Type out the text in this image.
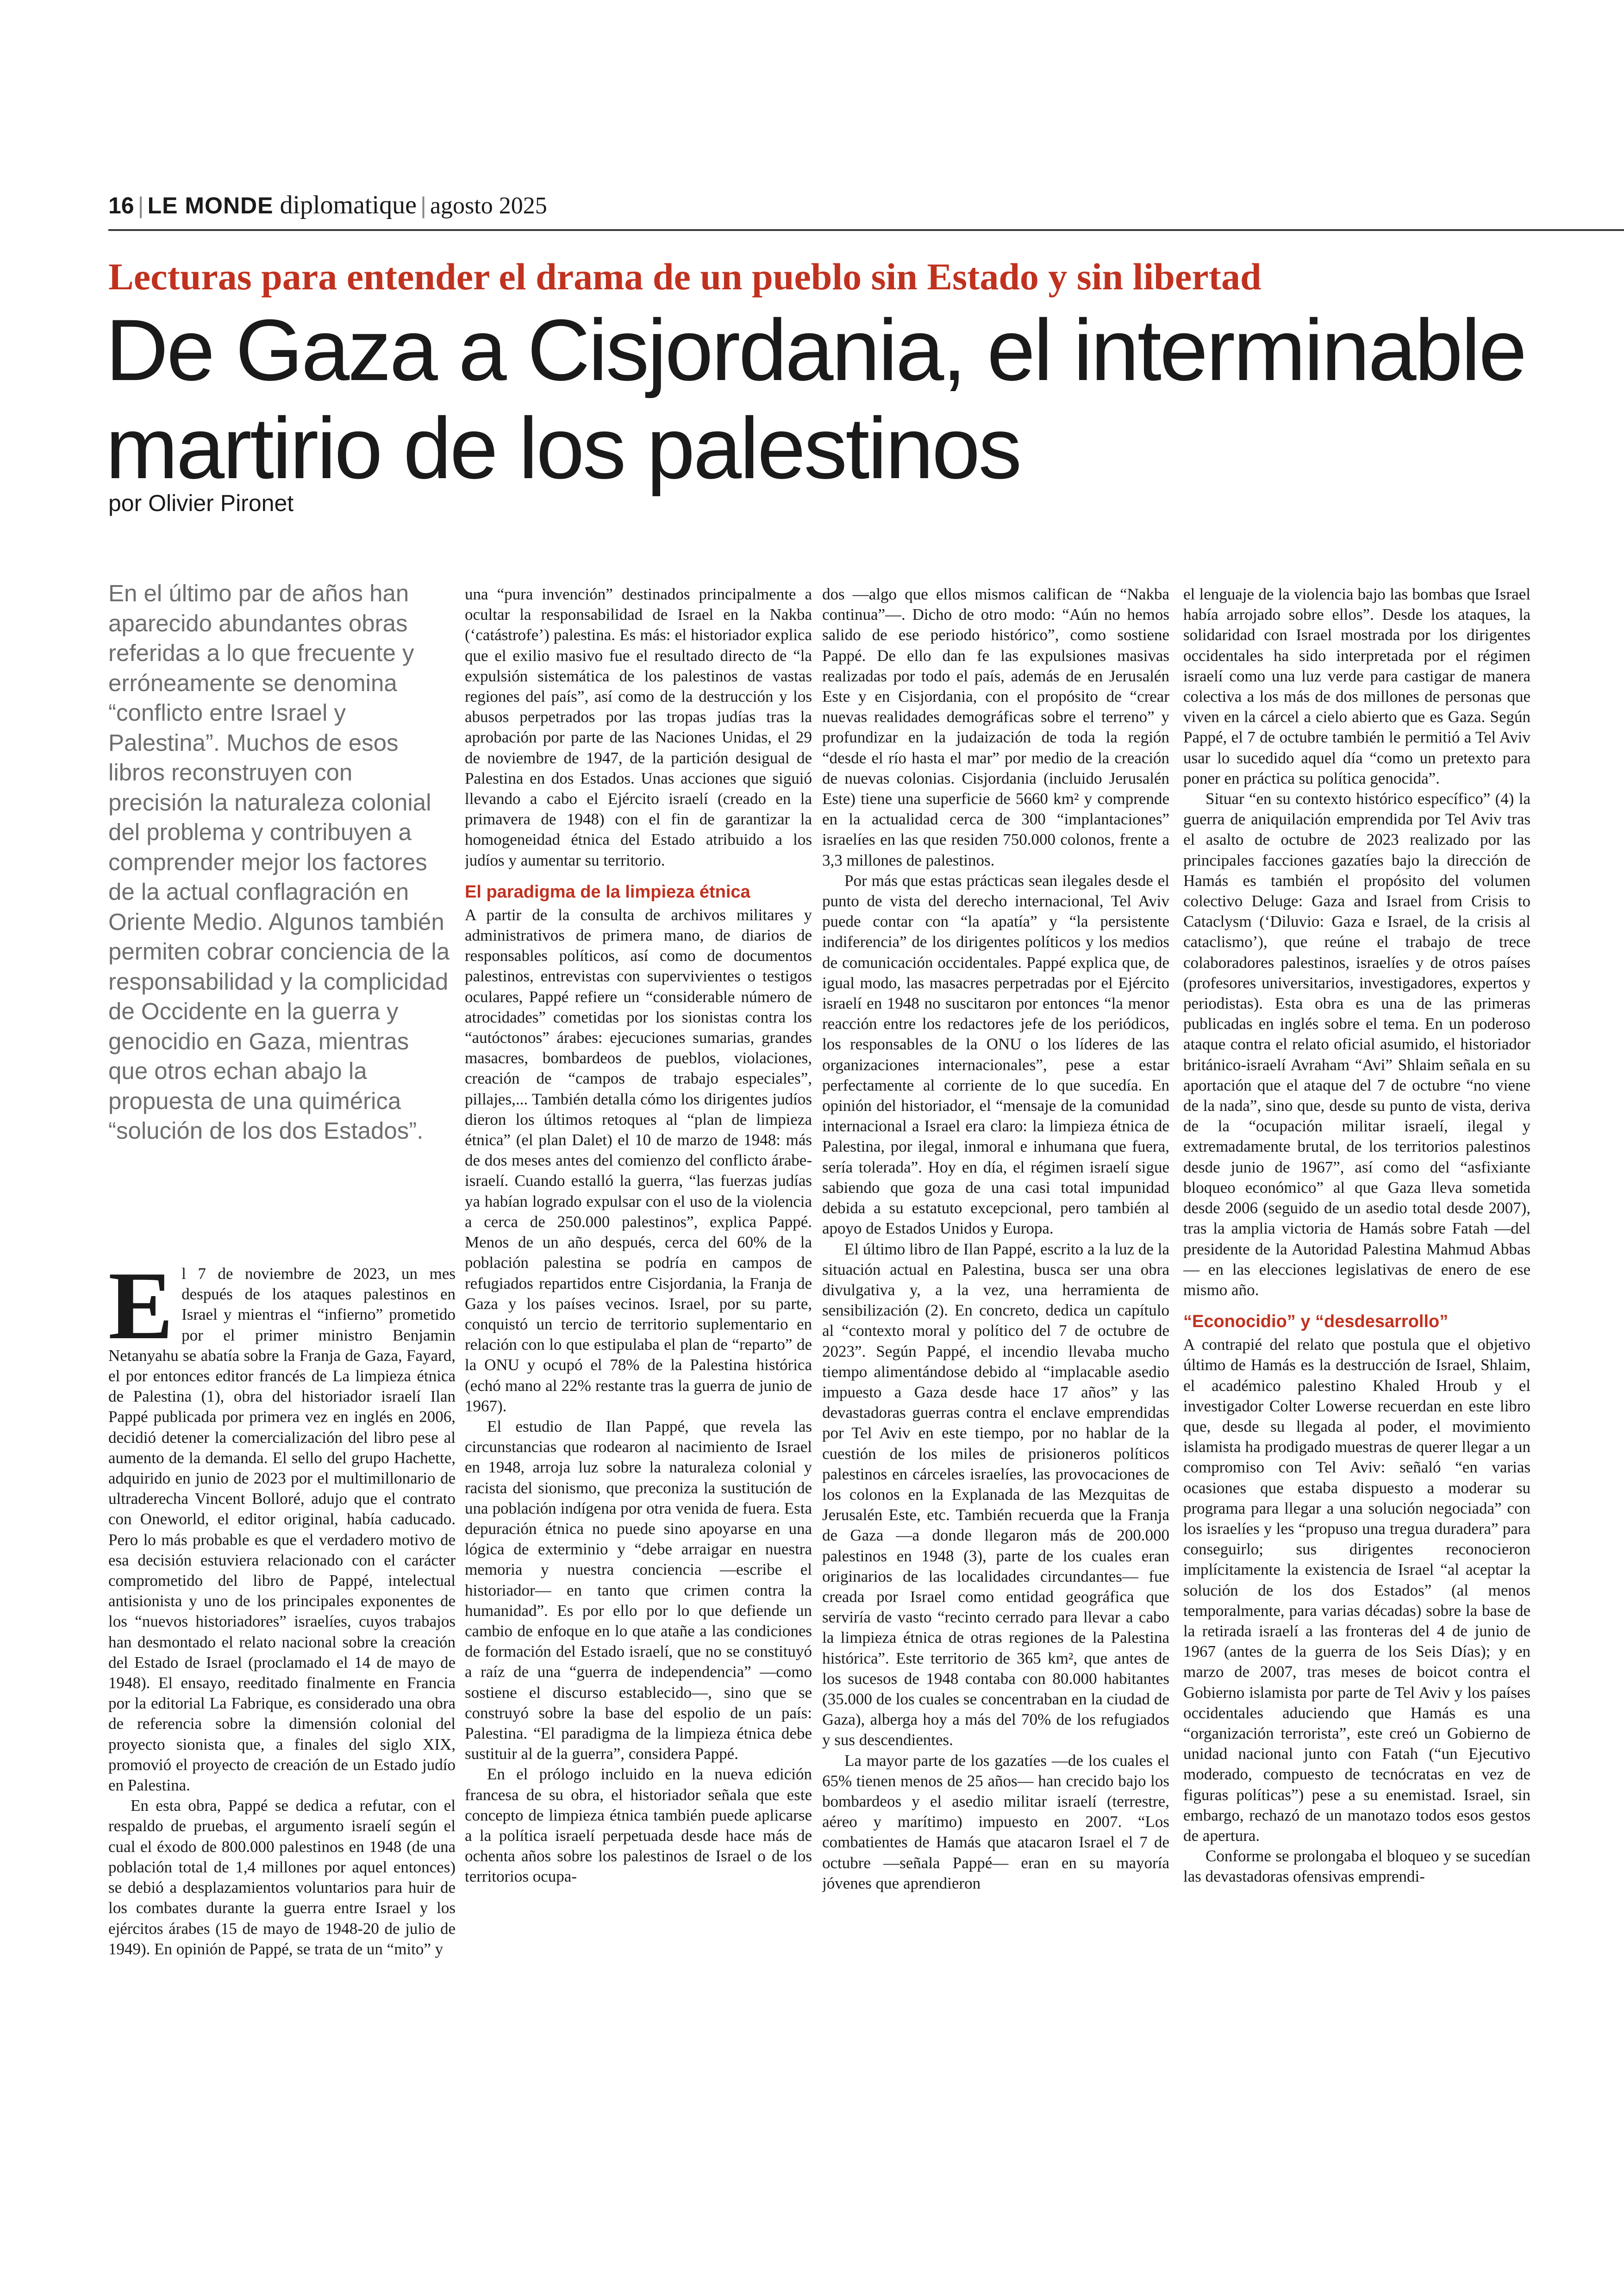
16 | LE MONDE diplomatique | agosto 2025
Lecturas para entender el drama de un pueblo sin Estado y sin libertad
De Gaza a Cisjordania, el interminable
martirio de los palestinos
por Olivier Pironet
En el último par de años han aparecido abundantes obras referidas a lo que frecuente y erróneamente se denomina “conflicto entre Israel y Palestina”. Muchos de esos libros reconstruyen con precisión la naturaleza colonial del problema y contribuyen a comprender mejor los factores de la actual conflagración en Oriente Medio. Algunos también permiten cobrar conciencia de la responsabilidad y la complicidad de Occidente en la guerra y genocidio en Gaza, mientras que otros echan abajo la propuesta de una quimérica “solución de los dos Estados”.
E l 7 de noviembre de 2023, un mes después de los ataques palestinos en Israel y mientras el “infierno” prometido por el primer ministro Benjamin Netanyahu se abatía sobre la Franja de Gaza, Fayard, el por entonces editor francés de La limpieza étnica de Palestina (1), obra del historiador israelí Ilan Pappé publicada por primera vez en inglés en 2006, decidió detener la comercialización del libro pese al aumento de la demanda. El sello del grupo Hachette, adquirido en junio de 2023 por el multimillonario de ultraderecha Vincent Bolloré, adujo que el contrato con Oneworld, el editor original, había caducado. Pero lo más probable es que el verdadero motivo de esa decisión estuviera relacionado con el carácter comprometido del libro de Pappé, intelectual antisionista y uno de los principales exponentes de los “nuevos historiadores” israelíes, cuyos trabajos han desmontado el relato nacional sobre la creación del Estado de Israel (proclamado el 14 de mayo de 1948). El ensayo, reeditado finalmente en Francia por la editorial La Fabrique, es considerado una obra de referencia sobre la dimensión colonial del proyecto sionista que, a finales del siglo XIX, promovió el proyecto de creación de un Estado judío en Palestina.

En esta obra, Pappé se dedica a refutar, con el respaldo de pruebas, el argumento israelí según el cual el éxodo de 800.000 palestinos en 1948 (de una población total de 1,4 millones por aquel entonces) se debió a desplazamientos voluntarios para huir de los combates durante la guerra entre Israel y los ejércitos árabes (15 de mayo de 1948-20 de julio de 1949). En opinión de Pappé, se trata de un “mito” y

una “pura invención” destinados principalmente a ocultar la responsabilidad de Israel en la Nakba (‘catástrofe’) palestina. Es más: el historiador explica que el exilio masivo fue el resultado directo de “la expulsión sistemática de los palestinos de vastas regiones del país”, así como de la destrucción y los abusos perpetrados por las tropas judías tras la aprobación por parte de las Naciones Unidas, el 29 de noviembre de 1947, de la partición desigual de Palestina en dos Estados. Unas acciones que siguió llevando a cabo el Ejército israelí (creado en la primavera de 1948) con el fin de garantizar la homogeneidad étnica del Estado atribuido a los judíos y aumentar su territorio.

El paradigma de la limpieza étnica

A partir de la consulta de archivos militares y administrativos de primera mano, de diarios de responsables políticos, así como de documentos palestinos, entrevistas con supervivientes o testigos oculares, Pappé refiere un “considerable número de atrocidades” cometidas por los sionistas contra los “autóctonos” árabes: ejecuciones sumarias, grandes masacres, bombardeos de pueblos, violaciones, creación de “campos de trabajo especiales”, pillajes,... También detalla cómo los dirigentes judíos dieron los últimos retoques al “plan de limpieza étnica” (el plan Dalet) el 10 de marzo de 1948: más de dos meses antes del comienzo del conflicto árabe-israelí. Cuando estalló la guerra, “las fuerzas judías ya habían logrado expulsar con el uso de la violencia a cerca de 250.000 palestinos”, explica Pappé. Menos de un año después, cerca del 60% de la población palestina se podría en campos de refugiados repartidos entre Cisjordania, la Franja de Gaza y los países vecinos. Israel, por su parte, conquistó un tercio de territorio suplementario en relación con lo que estipulaba el plan de “reparto” de la ONU y ocupó el 78% de la Palestina histórica (echó mano al 22% restante tras la guerra de junio de 1967).

El estudio de Ilan Pappé, que revela las circunstancias que rodearon al nacimiento de Israel en 1948, arroja luz sobre la naturaleza colonial y racista del sionismo, que preconiza la sustitución de una población indígena por otra venida de fuera. Esta depuración étnica no puede sino apoyarse en una lógica de exterminio y “debe arraigar en nuestra memoria y nuestra conciencia —escribe el historiador— en tanto que crimen contra la humanidad”. Es por ello por lo que defiende un cambio de enfoque en lo que atañe a las condiciones de formación del Estado israelí, que no se constituyó a raíz de una “guerra de independencia” —como sostiene el discurso establecido—, sino que se construyó sobre la base del espolio de un país: Palestina. “El paradigma de la limpieza étnica debe sustituir al de la guerra”, considera Pappé.

En el prólogo incluido en la nueva edición francesa de su obra, el historiador señala que este concepto de limpieza étnica también puede aplicarse a la política israelí perpetuada desde hace más de ochenta años sobre los palestinos de Israel o de los territorios ocupa-

dos —algo que ellos mismos califican de “Nakba continua”—. Dicho de otro modo: “Aún no hemos salido de ese periodo histórico”, como sostiene Pappé. De ello dan fe las expulsiones masivas realizadas por todo el país, además de en Jerusalén Este y en Cisjordania, con el propósito de “crear nuevas realidades demográficas sobre el terreno” y profundizar en la judaización de toda la región “desde el río hasta el mar” por medio de la creación de nuevas colonias. Cisjordania (incluido Jerusalén Este) tiene una superficie de 5660 km² y comprende en la actualidad cerca de 300 “implantaciones” israelíes en las que residen 750.000 colonos, frente a 3,3 millones de palestinos.

Por más que estas prácticas sean ilegales desde el punto de vista del derecho internacional, Tel Aviv puede contar con “la apatía” y “la persistente indiferencia” de los dirigentes políticos y los medios de comunicación occidentales. Pappé explica que, de igual modo, las masacres perpetradas por el Ejército israelí en 1948 no suscitaron por entonces “la menor reacción entre los redactores jefe de los periódicos, los responsables de la ONU o los líderes de las organizaciones internacionales”, pese a estar perfectamente al corriente de lo que sucedía. En opinión del historiador, el “mensaje de la comunidad internacional a Israel era claro: la limpieza étnica de Palestina, por ilegal, inmoral e inhumana que fuera, sería tolerada”. Hoy en día, el régimen israelí sigue sabiendo que goza de una casi total impunidad debida a su estatuto excepcional, pero también al apoyo de Estados Unidos y Europa.

El último libro de Ilan Pappé, escrito a la luz de la situación actual en Palestina, busca ser una obra divulgativa y, a la vez, una herramienta de sensibilización (2). En concreto, dedica un capítulo al “contexto moral y político del 7 de octubre de 2023”. Según Pappé, el incendio llevaba mucho tiempo alimentándose debido al “implacable asedio impuesto a Gaza desde hace 17 años” y las devastadoras guerras contra el enclave emprendidas por Tel Aviv en este tiempo, por no hablar de la cuestión de los miles de prisioneros políticos palestinos en cárceles israelíes, las provocaciones de los colonos en la Explanada de las Mezquitas de Jerusalén Este, etc. También recuerda que la Franja de Gaza —a donde llegaron más de 200.000 palestinos en 1948 (3), parte de los cuales eran originarios de las localidades circundantes— fue creada por Israel como entidad geográfica que serviría de vasto “recinto cerrado para llevar a cabo la limpieza étnica de otras regiones de la Palestina histórica”. Este territorio de 365 km², que antes de los sucesos de 1948 contaba con 80.000 habitantes (35.000 de los cuales se concentraban en la ciudad de Gaza), alberga hoy a más del 70% de los refugiados y sus descendientes.

La mayor parte de los gazatíes —de los cuales el 65% tienen menos de 25 años— han crecido bajo los bombardeos y el asedio militar israelí (terrestre, aéreo y marítimo) impuesto en 2007. “Los combatientes de Hamás que atacaron Israel el 7 de octubre —señala Pappé— eran en su mayoría jóvenes que aprendieron

el lenguaje de la violencia bajo las bombas que Israel había arrojado sobre ellos”. Desde los ataques, la solidaridad con Israel mostrada por los dirigentes occidentales ha sido interpretada por el régimen israelí como una luz verde para castigar de manera colectiva a los más de dos millones de personas que viven en la cárcel a cielo abierto que es Gaza. Según Pappé, el 7 de octubre también le permitió a Tel Aviv usar lo sucedido aquel día “como un pretexto para poner en práctica su política genocida”.

Situar “en su contexto histórico específico” (4) la guerra de aniquilación emprendida por Tel Aviv tras el asalto de octubre de 2023 realizado por las principales facciones gazatíes bajo la dirección de Hamás es también el propósito del volumen colectivo Deluge: Gaza and Israel from Crisis to Cataclysm (‘Diluvio: Gaza e Israel, de la crisis al cataclismo’), que reúne el trabajo de trece colaboradores palestinos, israelíes y de otros países (profesores universitarios, investigadores, expertos y periodistas). Esta obra es una de las primeras publicadas en inglés sobre el tema. En un poderoso ataque contra el relato oficial asumido, el historiador británico-israelí Avraham “Avi” Shlaim señala en su aportación que el ataque del 7 de octubre “no viene de la nada”, sino que, desde su punto de vista, deriva de la “ocupación militar israelí, ilegal y extremadamente brutal, de los territorios palestinos desde junio de 1967”, así como del “asfixiante bloqueo económico” al que Gaza lleva sometida desde 2006 (seguido de un asedio total desde 2007), tras la amplia victoria de Hamás sobre Fatah —del presidente de la Autoridad Palestina Mahmud Abbas— en las elecciones legislativas de enero de ese mismo año.

“Econocidio” y “desdesarrollo”

A contrapié del relato que postula que el objetivo último de Hamás es la destrucción de Israel, Shlaim, el académico palestino Khaled Hroub y el investigador Colter Lowerse recuerdan en este libro que, desde su llegada al poder, el movimiento islamista ha prodigado muestras de querer llegar a un compromiso con Tel Aviv: señaló “en varias ocasiones que estaba dispuesto a moderar su programa para llegar a una solución negociada” con los israelíes y les “propuso una tregua duradera” para conseguirlo; sus dirigentes reconocieron implícitamente la existencia de Israel “al aceptar la solución de los dos Estados” (al menos temporalmente, para varias décadas) sobre la base de la retirada israelí a las fronteras del 4 de junio de 1967 (antes de la guerra de los Seis Días); y en marzo de 2007, tras meses de boicot contra el Gobierno islamista por parte de Tel Aviv y los países occidentales aduciendo que Hamás es una “organización terrorista”, este creó un Gobierno de unidad nacional junto con Fatah (“un Ejecutivo moderado, compuesto de tecnócratas en vez de figuras políticas”) pese a su enemistad. Israel, sin embargo, rechazó de un manotazo todos esos gestos de apertura.

Conforme se prolongaba el bloqueo y se sucedían las devastadoras ofensivas emprendi-
